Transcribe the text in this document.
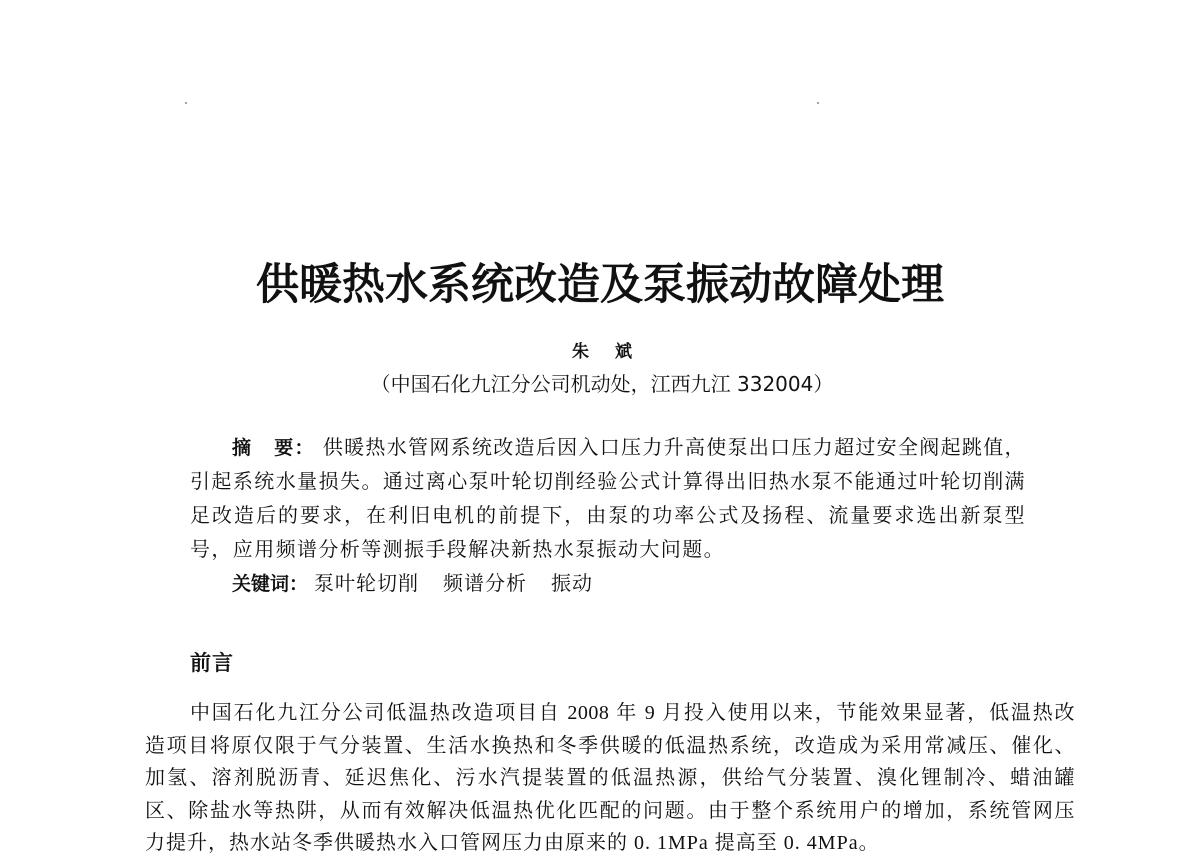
供暖热水系统改造及泵振动故障处理
朱 斌
（中国石化九江分公司机动处，江西九江 332004）
摘 要： 供暖热水管网系统改造后因入口压力升高使泵出口压力超过安全阀起跳值，
引起系统水量损失。通过离心泵叶轮切削经验公式计算得出旧热水泵不能通过叶轮切削满
足改造后的要求，在利旧电机的前提下，由泵的功率公式及扬程、流量要求选出新泵型
号，应用频谱分析等测振手段解决新热水泵振动大问题。
关键词： 泵叶轮切削 频谱分析 振动
前言
中国石化九江分公司低温热改造项目自 2008 年 9 月投入使用以来，节能效果显著，低温热改
造项目将原仅限于气分装置、生活水换热和冬季供暖的低温热系统，改造成为采用常减压、催化、
加氢、溶剂脱沥青、延迟焦化、污水汽提装置的低温热源，供给气分装置、溴化锂制冷、蜡油罐
区、除盐水等热阱，从而有效解决低温热优化匹配的问题。由于整个系统用户的增加，系统管网压
力提升，热水站冬季供暖热水入口管网压力由原来的 0. 1MPa 提高至 0. 4MPa。
